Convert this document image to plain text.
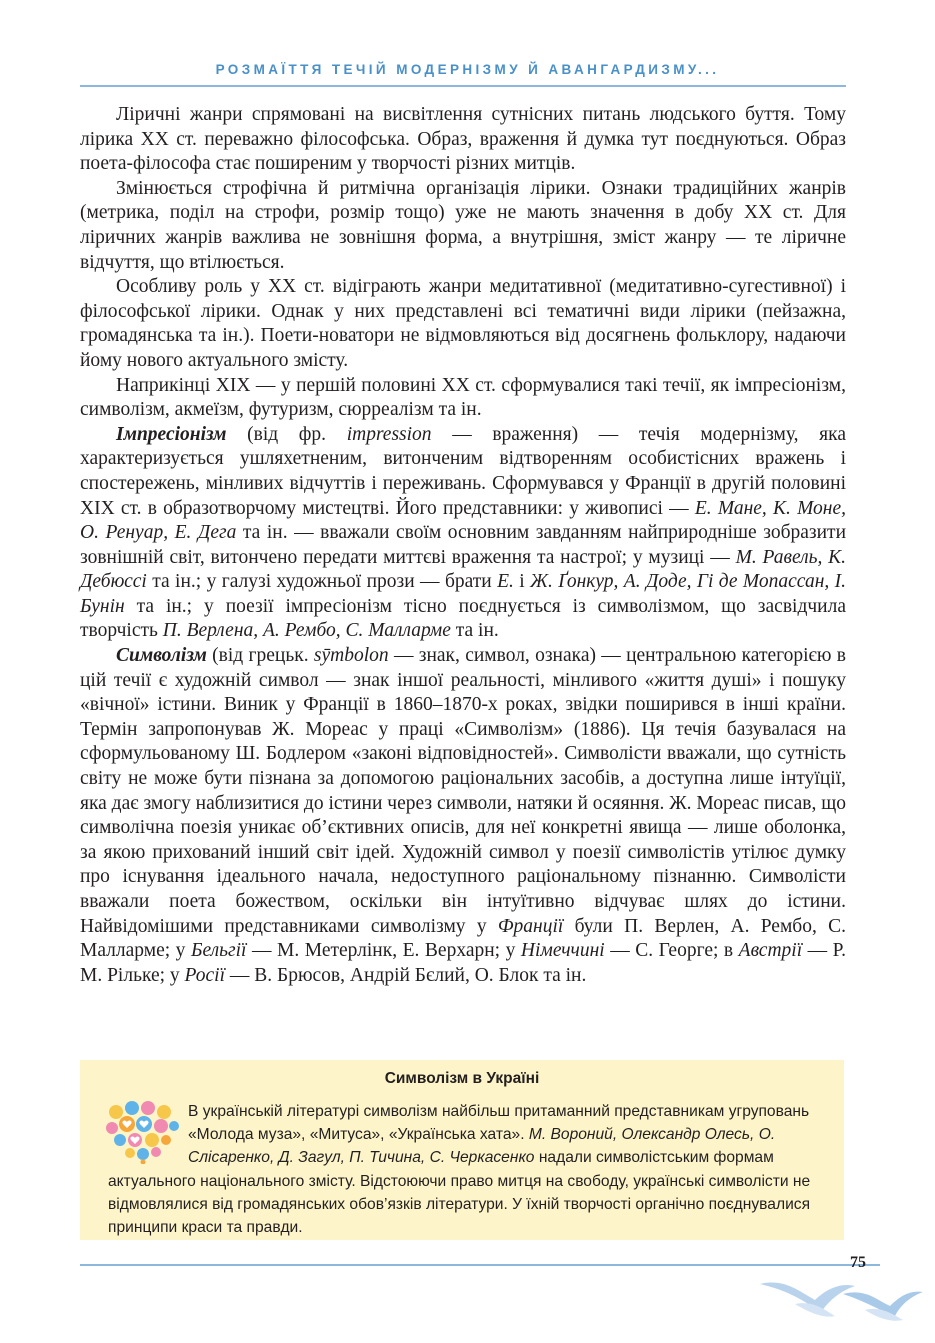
РОЗМАЇТТЯ ТЕЧІЙ МОДЕРНІЗМУ Й АВАНГАРДИЗМУ...

Ліричні жанри спрямовані на висвітлення сутнісних питань людського буття. Тому лірика XX ст. переважно філософська. Образ, враження й думка тут поєднуються. Образ поета-філософа стає поширеним у творчості різних митців.

Змінюється строфічна й ритмічна організація лірики. Ознаки традиційних жанрів (метрика, поділ на строфи, розмір тощо) уже не мають значення в добу XX ст. Для ліричних жанрів важлива не зовнішня форма, а внутрішня, зміст жанру — те ліричне відчуття, що втілюється.

Особливу роль у XX ст. відіграють жанри медитативної (медитативно-сугестивної) і філософської лірики. Однак у них представлені всі тематичні види лірики (пейзажна, громадянська та ін.). Поети-новатори не відмовляються від досягнень фольклору, надаючи йому нового актуального змісту.

Наприкінці XIX — у першій половині XX ст. сформувалися такі течії, як імпресіонізм, символізм, акмеїзм, футуризм, сюрреалізм та ін.

Імпресіонізм (від фр. impression — враження) — течія модернізму, яка характеризується ушляхетненим, витонченим відтворенням особистісних вражень і спостережень, мінливих відчуттів і переживань. Сформувався у Франції в другій половині XIX ст. в образотворчому мистецтві. Його представники: у живописі — Е. Мане, К. Моне, О. Ренуар, Е. Дега та ін. — вважали своїм основним завданням найприродніше зобразити зовнішній світ, витончено передати миттєві враження та настрої; у музиці — М. Равель, К. Дебюссі та ін.; у галузі художньої прози — брати Е. і Ж. Ґонкур, А. Доде, Гі де Мопассан, І. Бунін та ін.; у поезії імпресіонізм тісно поєднується із символізмом, що засвідчила творчість П. Верлена, А. Рембо, С. Малларме та ін.

Символізм (від грецьк. sȳmbolon — знак, символ, ознака) — центральною категорією в цій течії є художній символ — знак іншої реальності, мінливого «життя душі» і пошуку «вічної» істини. Виник у Франції в 1860–1870-х роках, звідки поширився в інші країни. Термін запропонував Ж. Мореас у праці «Символізм» (1886). Ця течія базувалася на сформульованому Ш. Бодлером «законі відповідностей». Символісти вважали, що сутність світу не може бути пізнана за допомогою раціональних засобів, а доступна лише інтуїції, яка дає змогу наблизитися до істини через символи, натяки й осяяння. Ж. Мореас писав, що символічна поезія уникає об’єктивних описів, для неї конкретні явища — лише оболонка, за якою прихований інший світ ідей. Художній символ у поезії символістів утілює думку про існування ідеального начала, недоступного раціональному пізнанню. Символісти вважали поета божеством, оскільки він інтуїтивно відчуває шлях до істини. Найвідомішими представниками символізму у Франції були П. Верлен, А. Рембо, С. Малларме; у Бельгії — М. Метерлінк, Е. Верхарн; у Німеччині — С. Георге; в Австрії — Р. М. Рільке; у Росії — В. Брюсов, Андрій Бєлий, О. Блок та ін.

Символізм в Україні
В українській літературі символізм найбільш притаманний представникам угруповань «Молода муза», «Митуса», «Українська хата». М. Вороний, Олександр Олесь, О. Слісаренко, Д. Загул, П. Тичина, С. Черкасенко надали символістським формам актуального національного змісту. Відстоюючи право митця на свободу, українські символісти не відмовлялися від громадянських обов’язків літератури. У їхній творчості органічно поєднувалися принципи краси та правди.
75
